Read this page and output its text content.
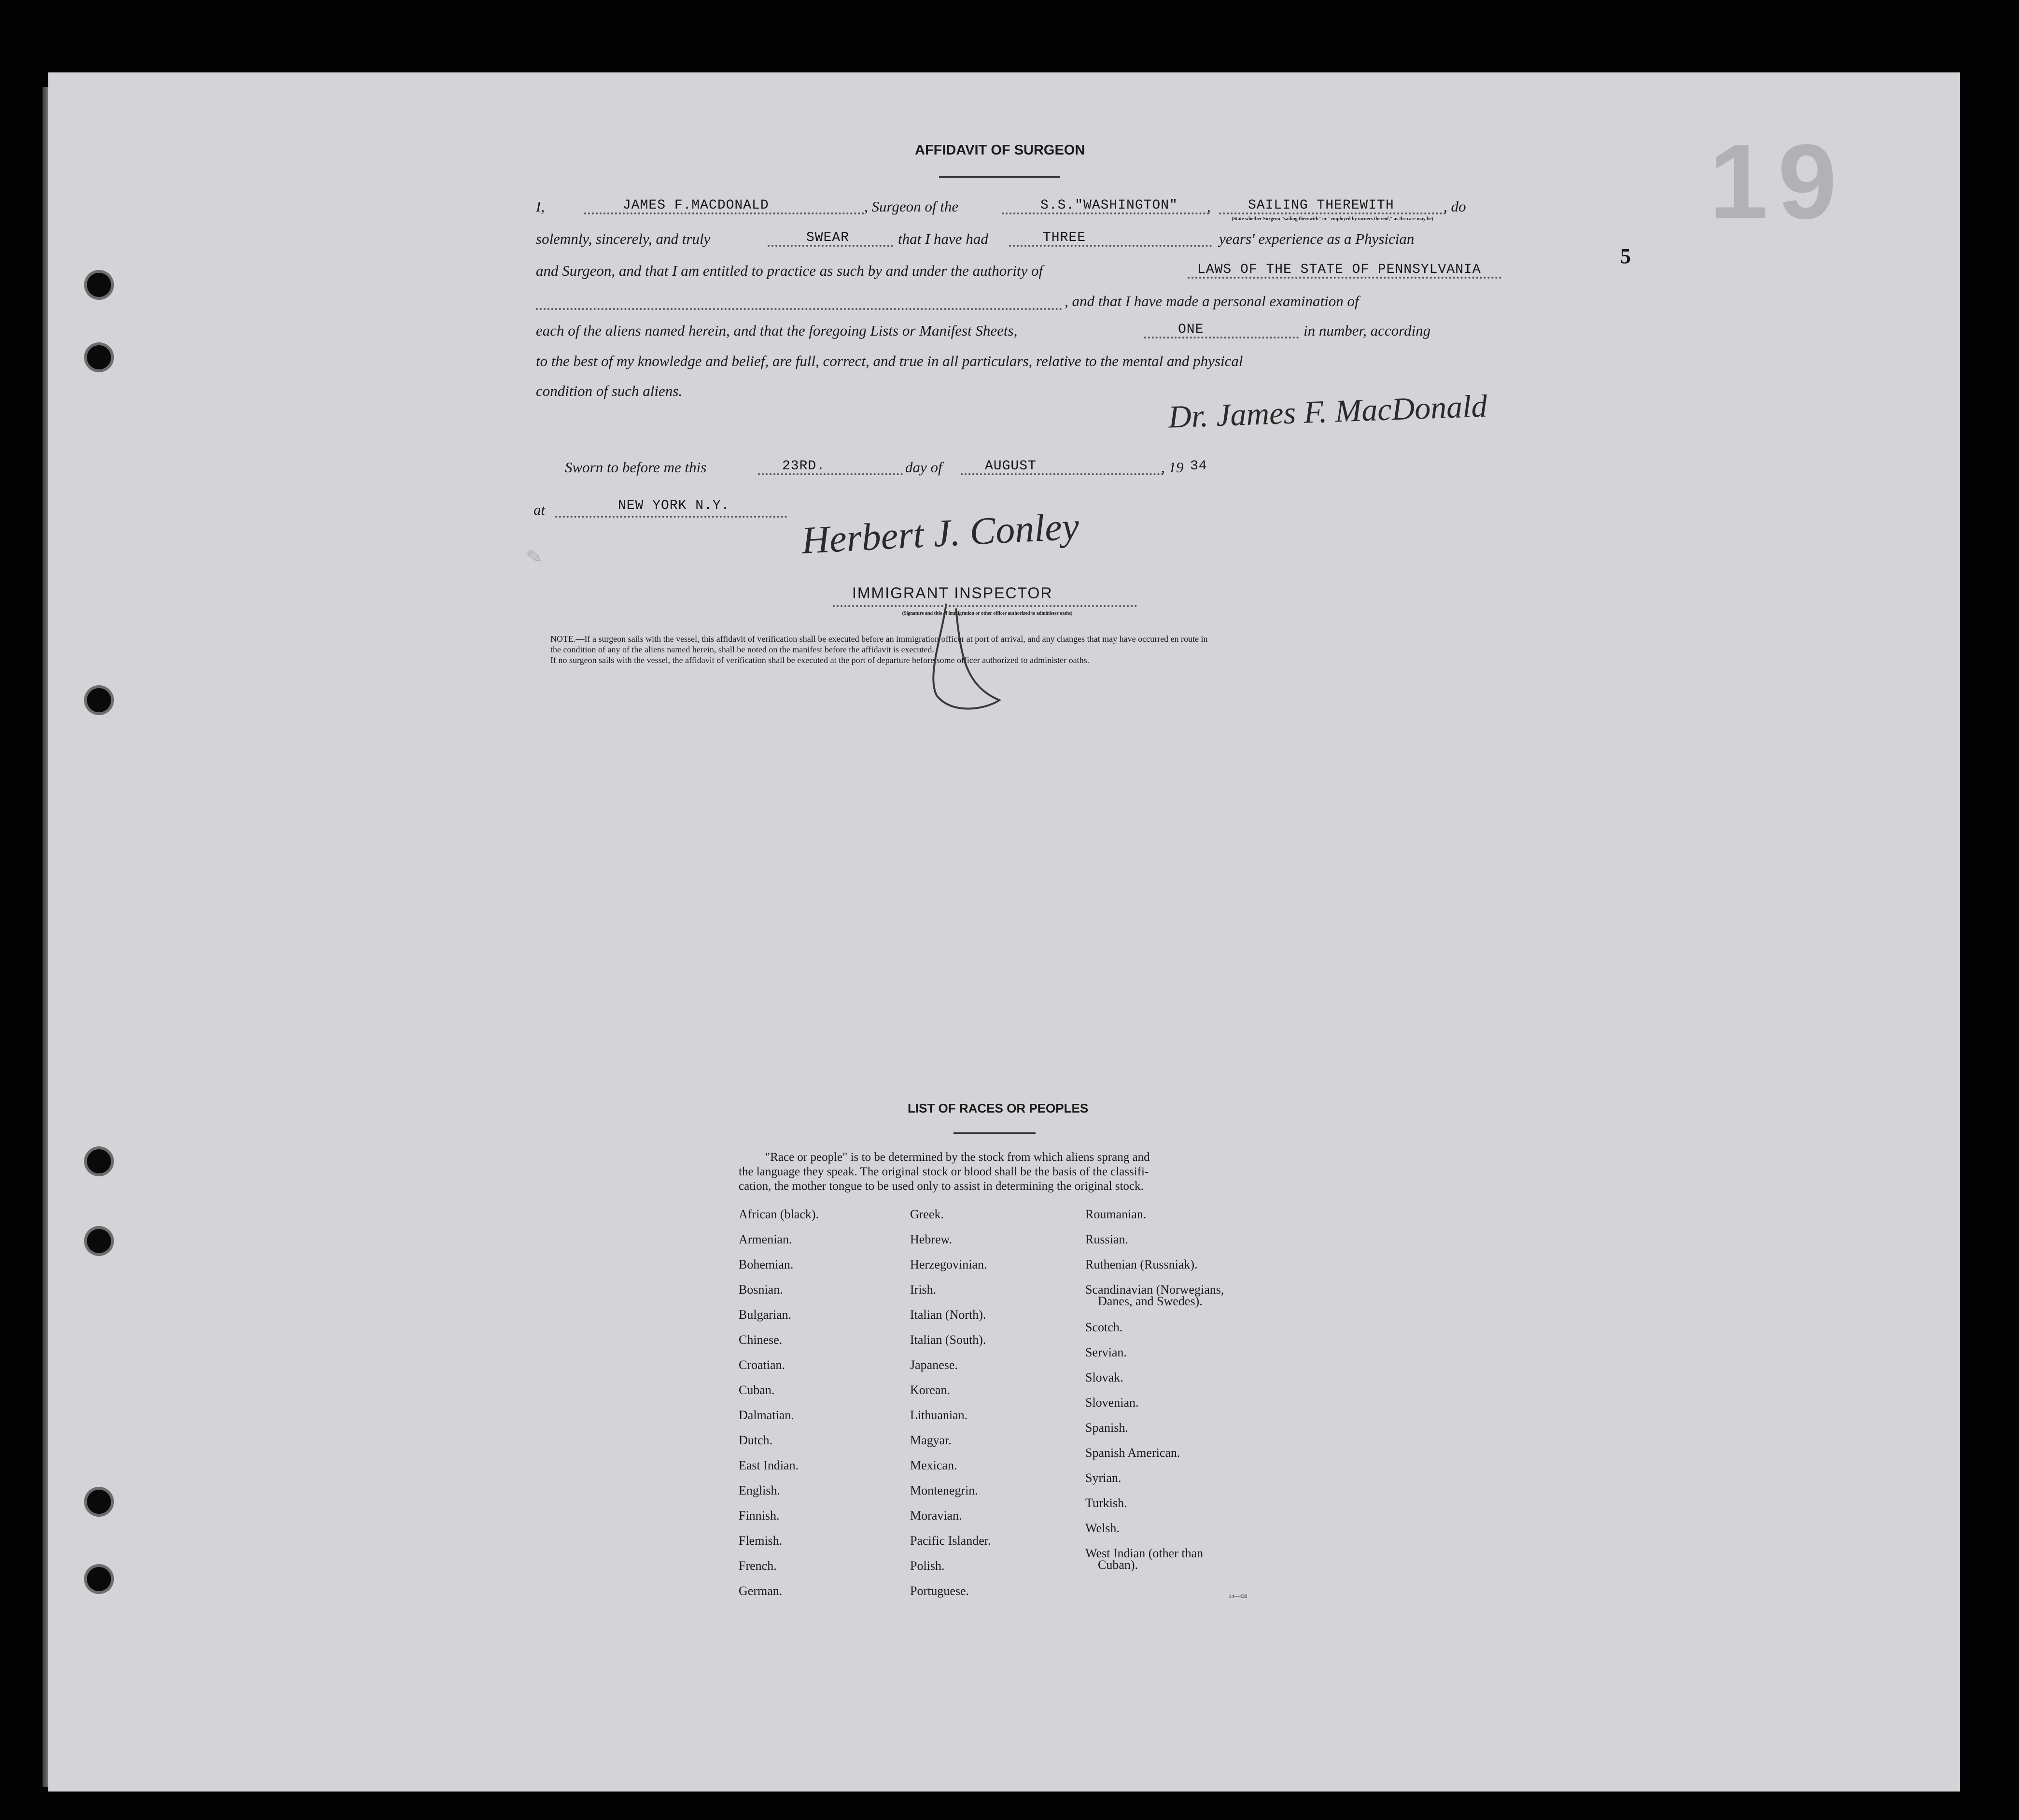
19
AFFIDAVIT OF SURGEON
5
I,	JAMES F.MACDONALD	, Surgeon of the	S.S."WASHINGTON" ,	SAILING THEREWITH	, do
(State whether Surgeon "sailing therewith" or "employed by owners thereof," as the case may be)
solemnly, sincerely, and truly	SWEAR	that I have had	THREE	years' experience as a Physician
and Surgeon, and that I am entitled to practice as such by and under the authority of	LAWS OF THE STATE OF PENNSYLVANIA
, and that I have made a personal examination of
each of the aliens named herein, and that the foregoing Lists or Manifest Sheets,	ONE	in number, according
to the best of my knowledge and belief, are full, correct, and true in all particulars, relative to the mental and physical
condition of such aliens.	Dr. James F. MacDonald
Sworn to before me this	23RD.	day of	AUGUST	, 19 34
at	NEW YORK N.Y. Herbert J. Conley
IMMIGRANT INSPECTOR
(Signature and title of immigration or other officer authorized to administer oaths)
NOTE.—If a surgeon sails with the vessel, this affidavit of verification shall be executed before an immigration officer at port of arrival, and any changes that may have occurred en route in
the condition of any of the aliens named herein, shall be noted on the manifest before the affidavit is executed.
If no surgeon sails with the vessel, the affidavit of verification shall be executed at the port of departure before some officer authorized to administer oaths.
✎
LIST OF RACES OR PEOPLES
"Race or people" is to be determined by the stock from which aliens sprang and
the language they speak. The original stock or blood shall be the basis of the classifi-
cation, the mother tongue to be used only to assist in determining the original stock.
African (black).
Armenian.
Bohemian.
Bosnian.
Bulgarian.
Chinese.
Croatian.
Cuban.
Dalmatian.
Dutch.
East Indian.
English.
Finnish.
Flemish.
French.
German.
Greek.
Hebrew.
Herzegovinian.
Irish.
Italian (North).
Italian (South).
Japanese.
Korean.
Lithuanian.
Magyar.
Mexican.
Montenegrin.
Moravian.
Pacific Islander.
Polish.
Portuguese.
Roumanian.
Russian.
Ruthenian (Russniak).
Scandinavian (Norwegians,
Danes, and Swedes).
Scotch.
Servian.
Slovak.
Slovenian.
Spanish.
Spanish American.
Syrian.
Turkish.
Welsh.
West Indian (other than
Cuban).
14—430
